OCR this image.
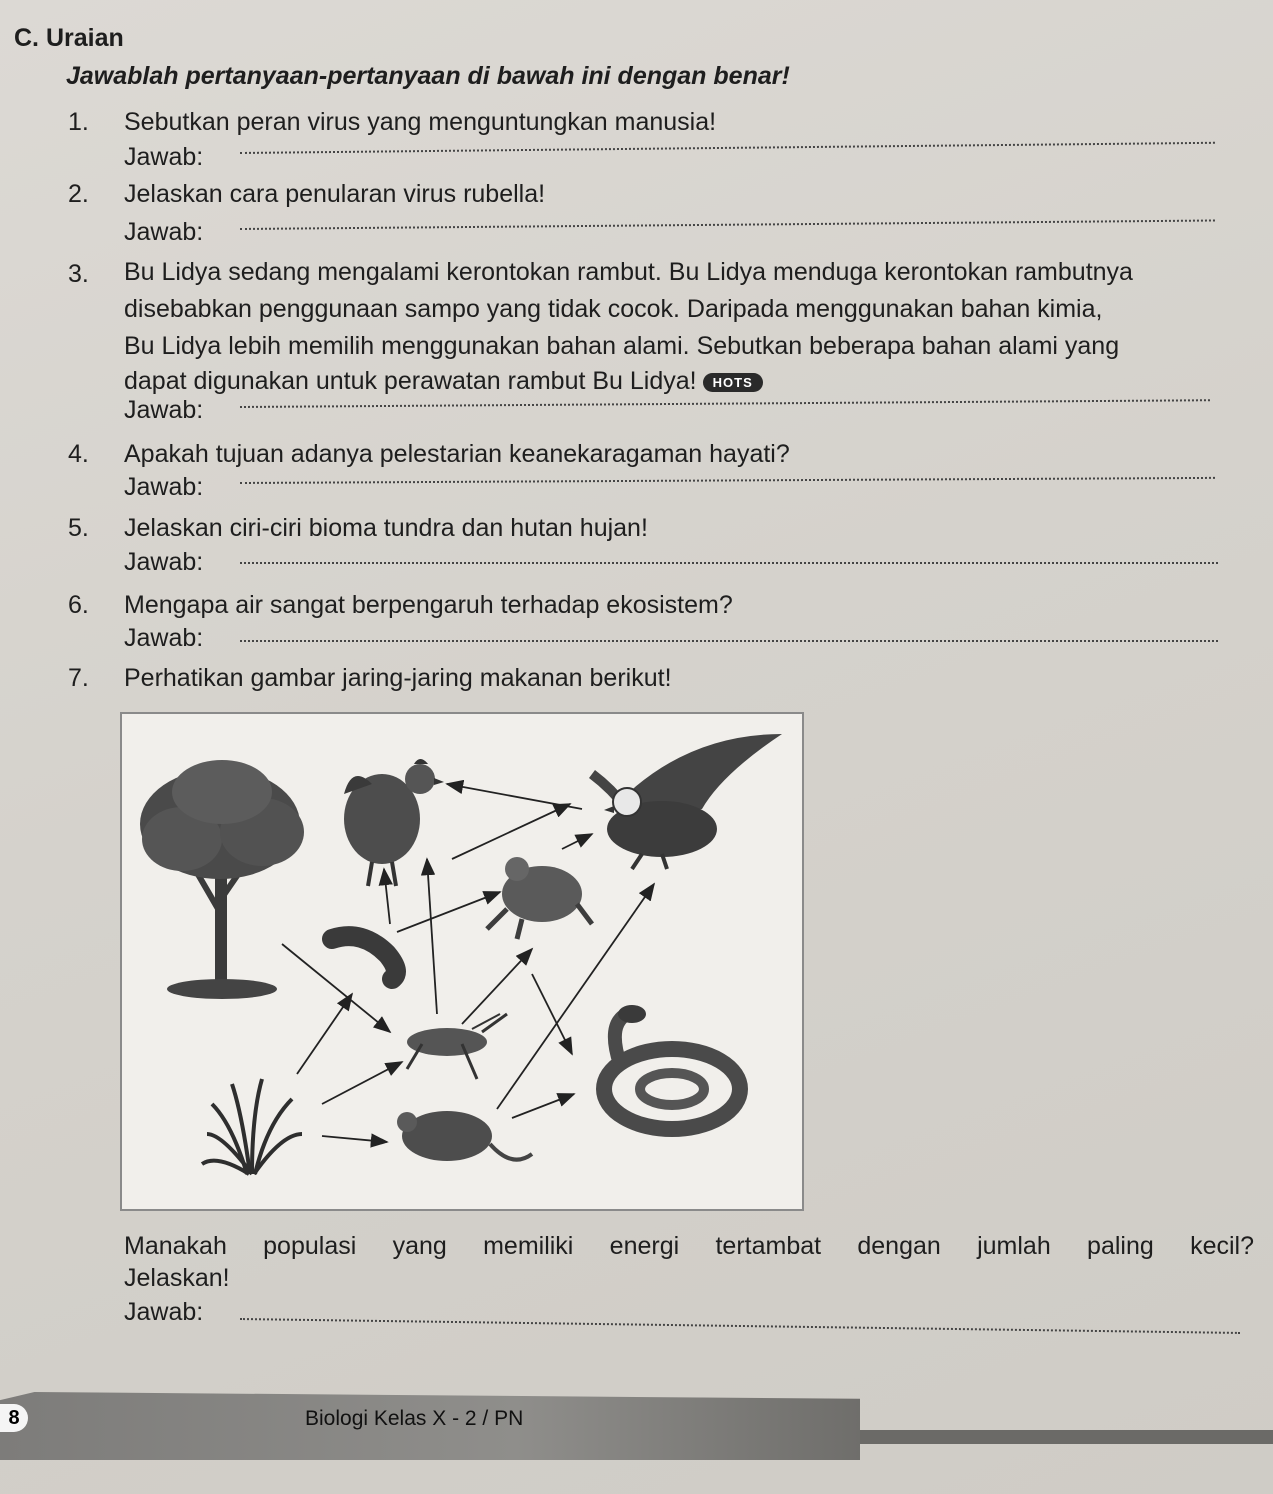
C. Uraian
Jawablah pertanyaan-pertanyaan di bawah ini dengan benar!
1. Sebutkan peran virus yang menguntungkan manusia!
Jawab:
2. Jelaskan cara penularan virus rubella!
Jawab:
3. Bu Lidya sedang mengalami kerontokan rambut. Bu Lidya menduga kerontokan rambutnya
disebabkan penggunaan sampo yang tidak cocok. Daripada menggunakan bahan kimia,
Bu Lidya lebih memilih menggunakan bahan alami. Sebutkan beberapa bahan alami yang
dapat digunakan untuk perawatan rambut Bu Lidya! HOTS
Jawab:
4. Apakah tujuan adanya pelestarian keanekaragaman hayati?
Jawab:
5. Jelaskan ciri-ciri bioma tundra dan hutan hujan!
Jawab:
6. Mengapa air sangat berpengaruh terhadap ekosistem?
Jawab:
7. Perhatikan gambar jaring-jaring makanan berikut!
Manakah populasi yang memiliki energi tertambat dengan jumlah paling kecil?
Jelaskan!
Jawab:
8	Biologi Kelas X - 2 / PN
